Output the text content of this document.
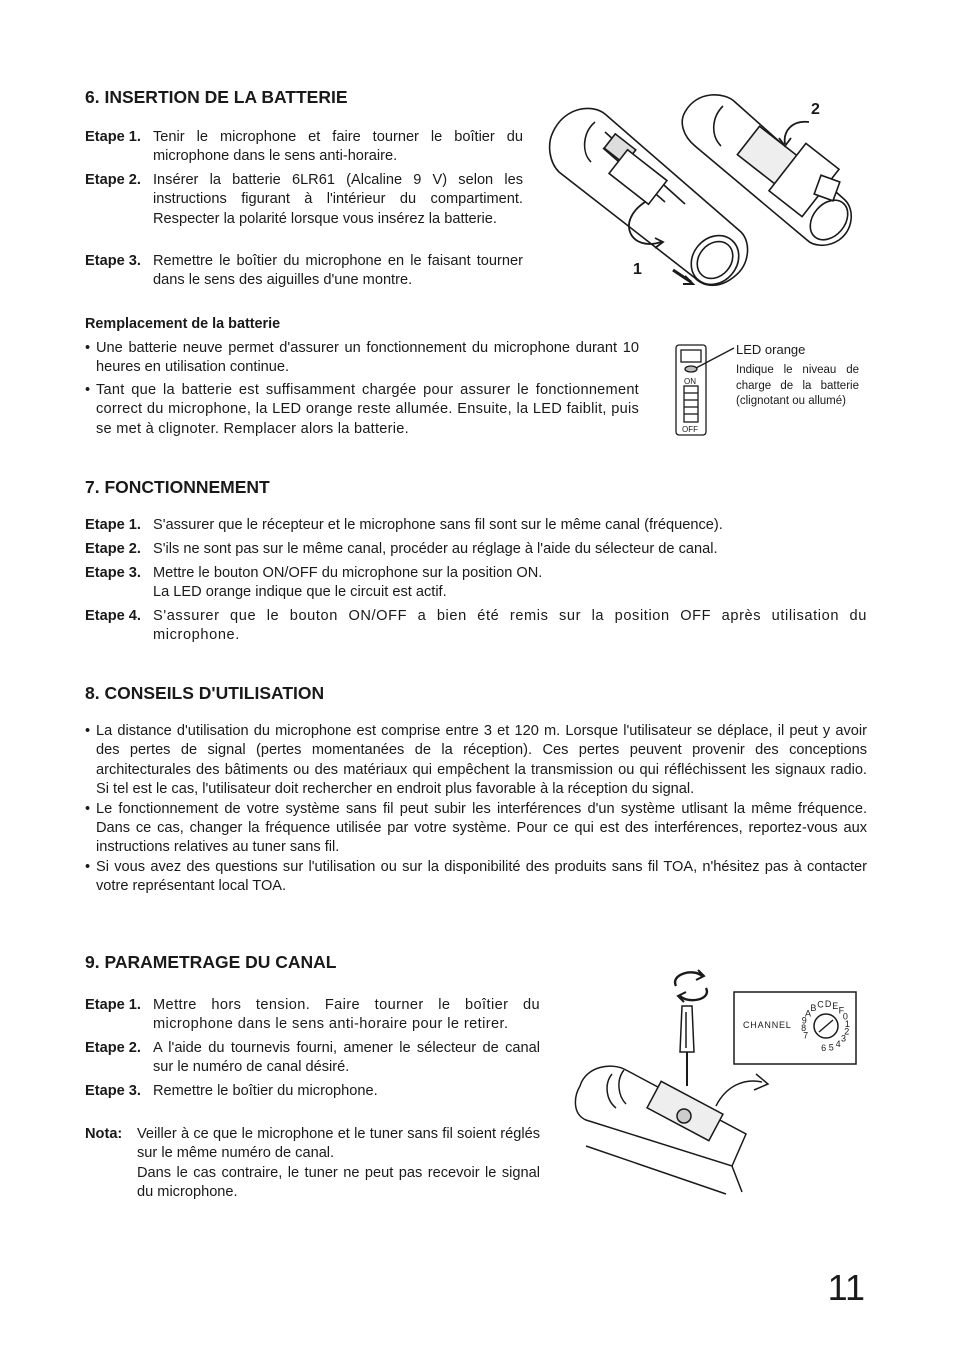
6. INSERTION DE LA BATTERIE
Etape 1. Tenir le microphone et faire tourner le boîtier du microphone dans le sens anti-horaire.
Etape 2. Insérer la batterie 6LR61 (Alcaline 9 V) selon les instructions figurant à l'intérieur du compartiment. Respecter la polarité lorsque vous insérez la batterie.
Etape 3. Remettre le boîtier du microphone en le faisant tourner dans le sens des aiguilles d'une montre.
1
2
Remplacement de la batterie
• Une batterie neuve permet d'assurer un fonctionnement du microphone durant 10 heures en utilisation continue.
• Tant que la batterie est suffisamment chargée pour assurer le fonctionnement correct du microphone, la LED orange reste allumée. Ensuite, la LED faiblit, puis se met à clignoter. Remplacer alors la batterie.
ON
OFF
LED orange
Indique le niveau de charge de la batterie (clignotant ou allumé)
7. FONCTIONNEMENT
Etape 1. S'assurer que le récepteur et le microphone sans fil sont sur le même canal (fréquence).
Etape 2. S'ils ne sont pas sur le même canal, procéder au réglage à l'aide du sélecteur de canal.
Etape 3. Mettre le bouton ON/OFF du microphone sur la position ON.
La LED orange indique que le circuit est actif.
Etape 4. S'assurer que le bouton ON/OFF a bien été remis sur la position OFF après utilisation du microphone.
8. CONSEILS D'UTILISATION
• La distance d'utilisation du microphone est comprise entre 3 et 120 m. Lorsque l'utilisateur se déplace, il peut y avoir des pertes de signal (pertes momentanées de la réception). Ces pertes peuvent provenir des conceptions architecturales des bâtiments ou des matériaux qui empêchent la transmission ou qui réfléchissent les signaux radio. Si tel est le cas, l'utilisateur doit rechercher en endroit plus favorable à la réception du signal.
• Le fonctionnement de votre système sans fil peut subir les interférences d'un système utlisant la même fréquence. Dans ce cas, changer la fréquence utilisée par votre système. Pour ce qui est des interférences, reportez-vous aux instructions relatives au tuner sans fil.
• Si vous avez des questions sur l'utilisation ou sur la disponibilité des produits sans fil TOA, n'hésitez pas à contacter votre représentant local TOA.
9. PARAMETRAGE DU CANAL
Etape 1. Mettre hors tension. Faire tourner le boîtier du microphone dans le sens anti-horaire pour le retirer.
Etape 2. A l'aide du tournevis fourni, amener le sélecteur de canal sur le numéro de canal désiré.
Etape 3. Remettre le boîtier du microphone.
Nota:	Veiller à ce que le microphone et le tuner sans fil soient réglés sur le même numéro de canal.
Dans le cas contraire, le tuner ne peut pas recevoir le signal du microphone.
CHANNEL
7
8
9
A
B C D E F
0
1
2
3
4
5
6
11
